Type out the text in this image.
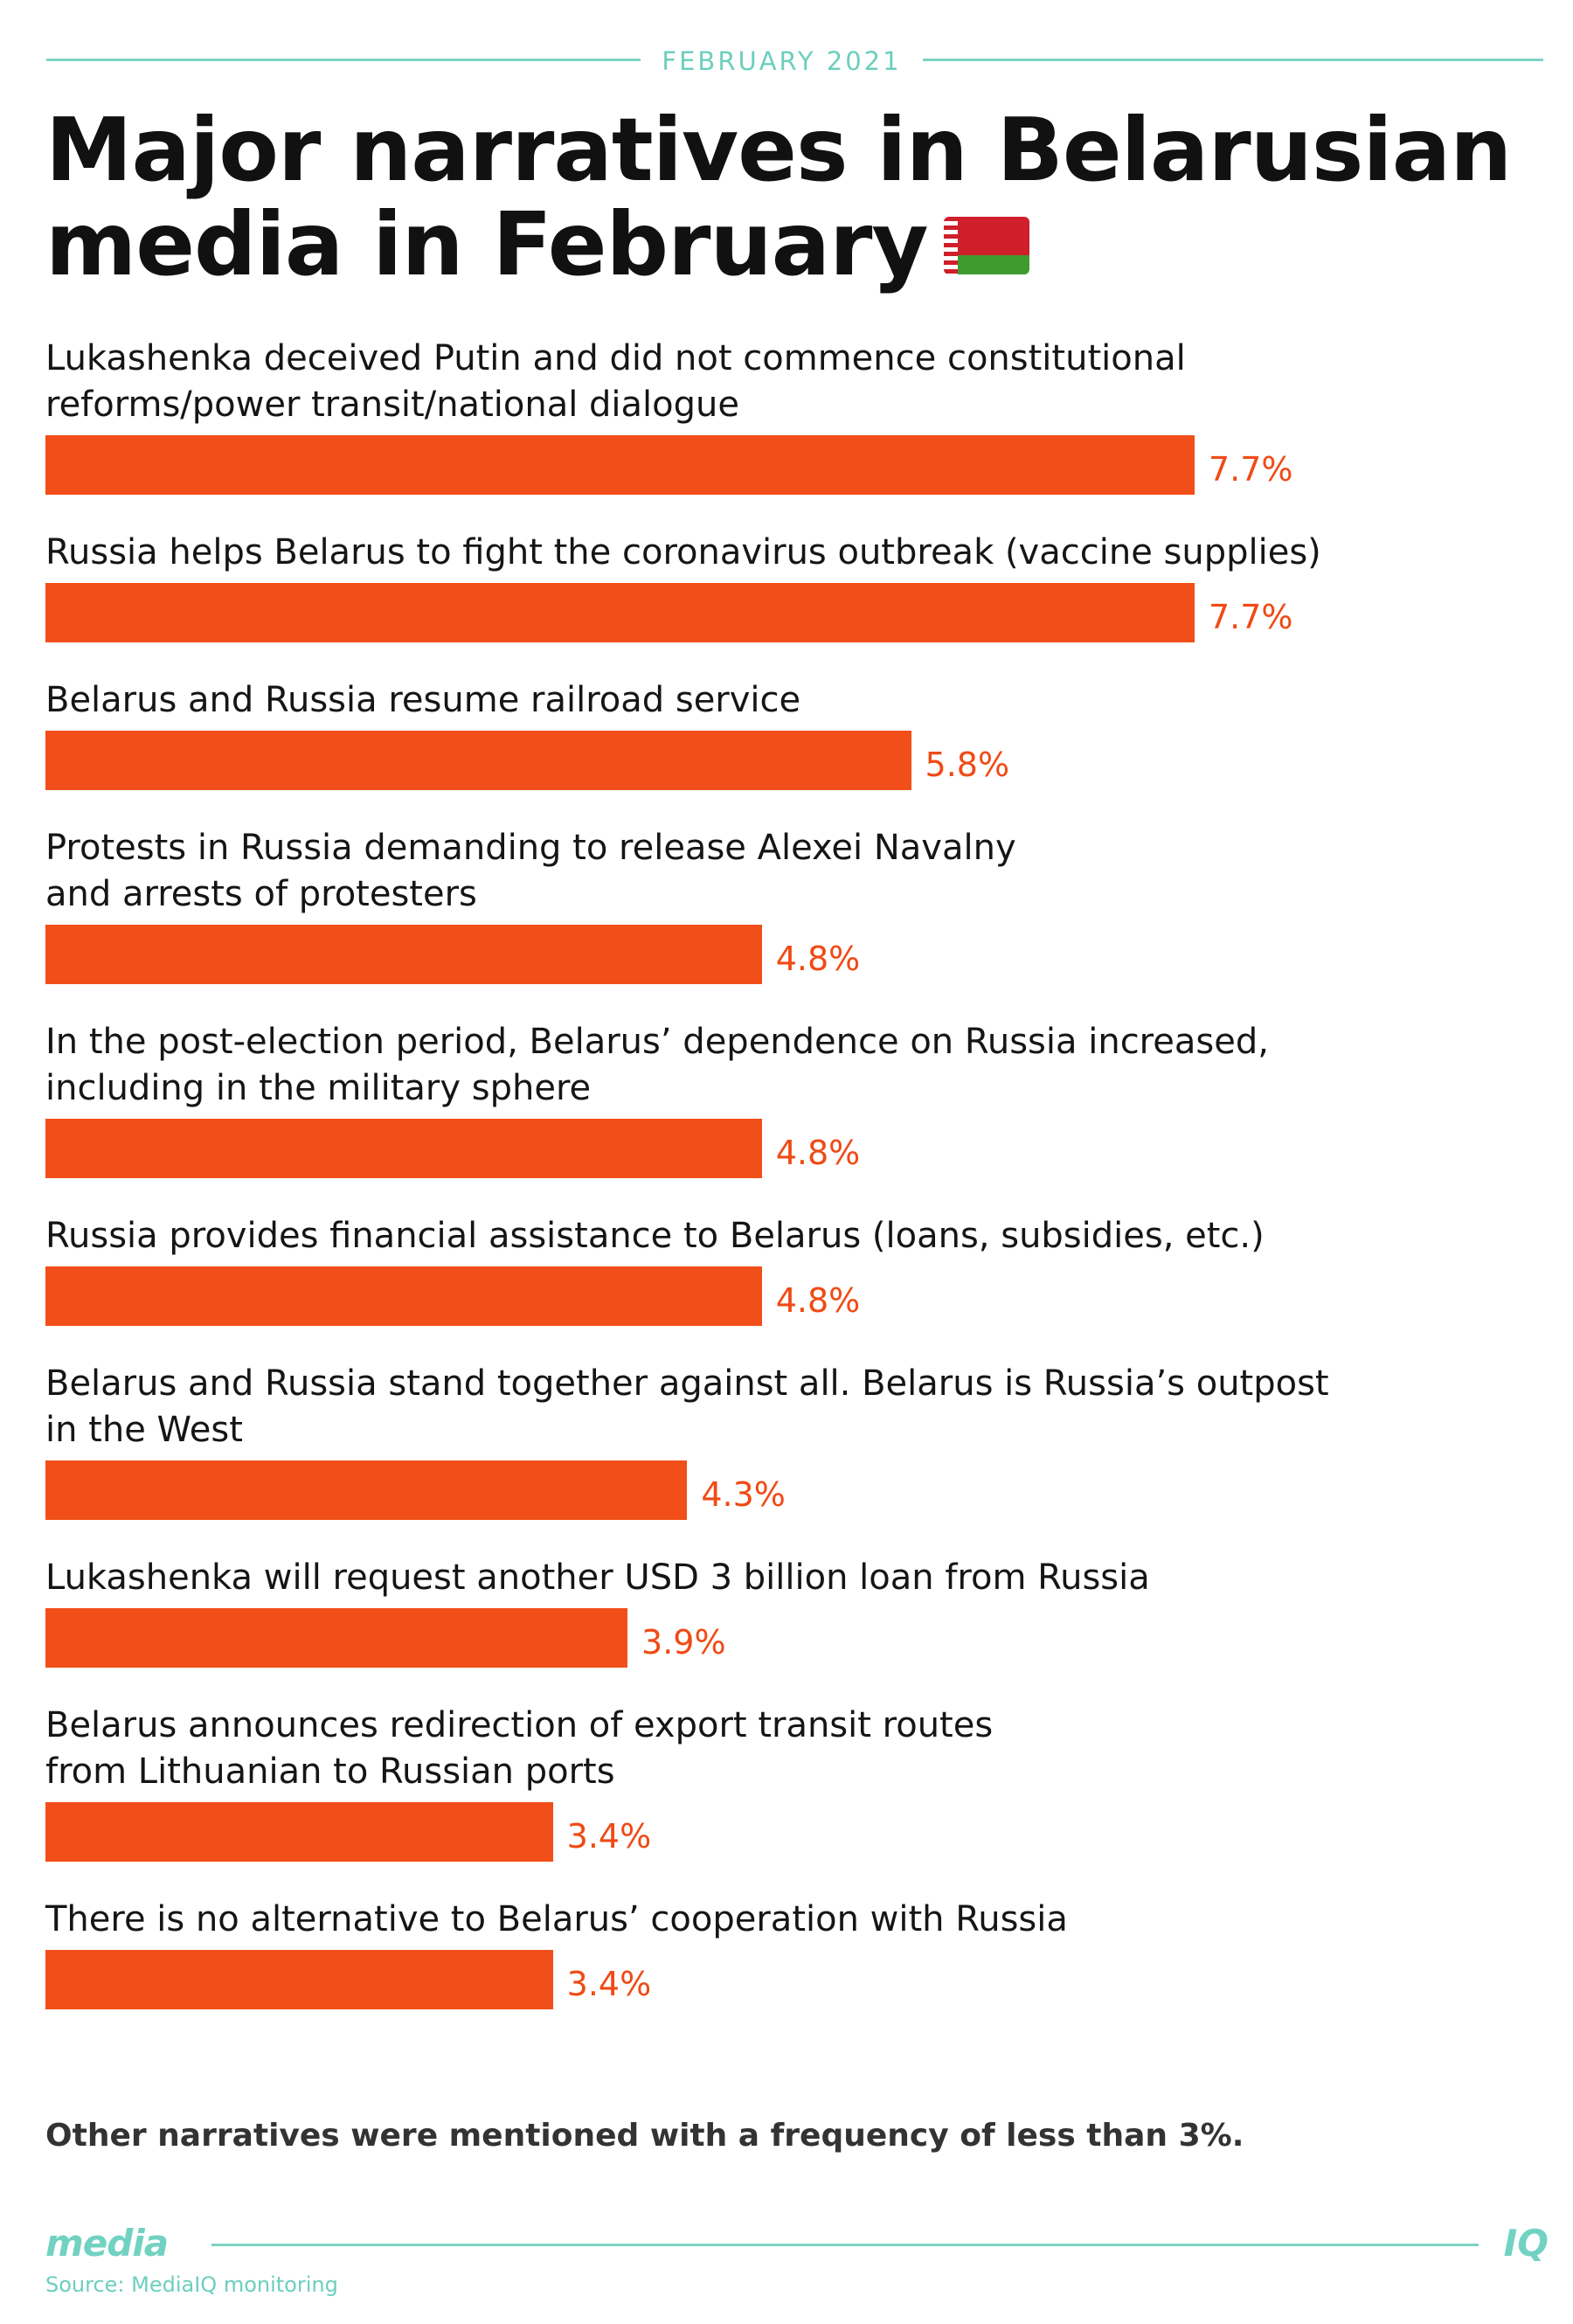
FEBRUARY 2021
Major narratives in Belarusian
media in February
Lukashenka deceived Putin and did not commence constitutional
reforms/power transit/national dialogue
7.7%
Russia helps Belarus to fight the coronavirus outbreak (vaccine supplies)
7.7%
Belarus and Russia resume railroad service
5.8%
Protests in Russia demanding to release Alexei Navalny
and arrests of protesters
4.8%
In the post-election period, Belarus’ dependence on Russia increased,
including in the military sphere
4.8%
Russia provides financial assistance to Belarus (loans, subsidies, etc.)
4.8%
Belarus and Russia stand together against all. Belarus is Russia’s outpost
in the West
4.3%
Lukashenka will request another USD 3 billion loan from Russia
3.9%
Belarus announces redirection of export transit routes
from Lithuanian to Russian ports
3.4%
There is no alternative to Belarus’ cooperation with Russia
3.4%
Other narratives were mentioned with a frequency of less than 3%.
media	IQ
Source: MediaIQ monitoring
